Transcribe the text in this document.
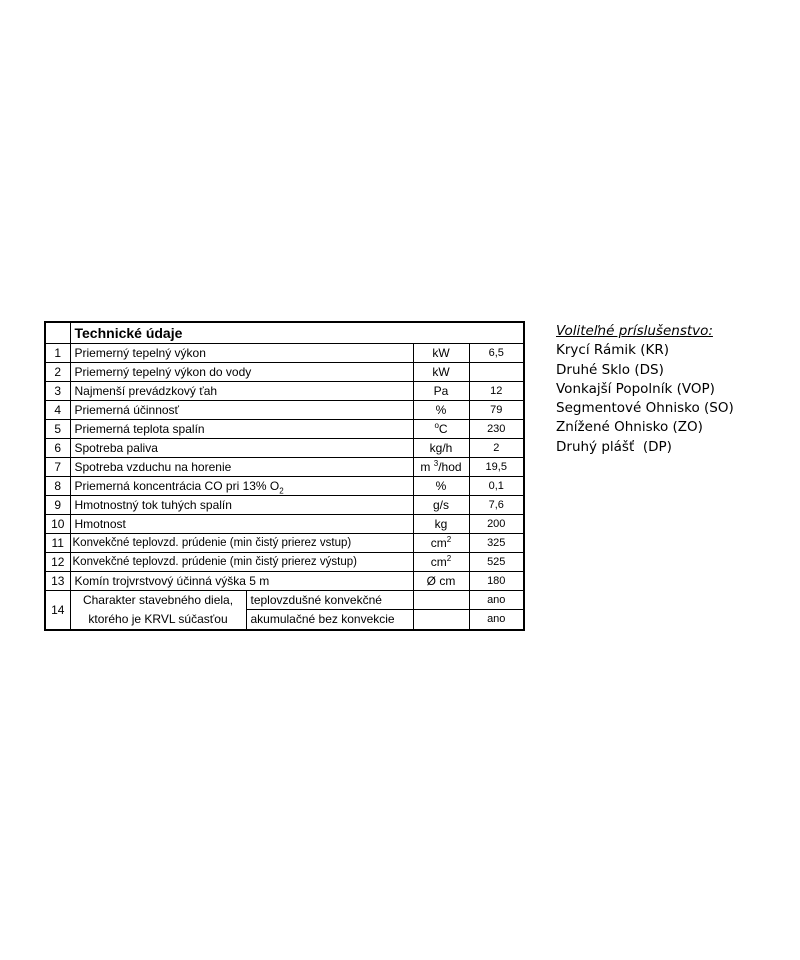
	Technické údaje			
1	Priemerný tepelný výkon		kW	6,5
2	Priemerný tepelný výkon do vody		kW	
3	Najmenší prevádzkový ťah		Pa	12
4	Priemerná účinnosť		%	79
5	Priemerná teplota spalín		$^o$C	230
6	Spotreba paliva		kg/h	2
7	Spotreba vzduchu na horenie		m $^3$/hod	19,5
8	Priemerná koncentrácia CO pri 13% $O_2$		%	0,1
9	Hmotnostný tok tuhých spalín		g/s	7,6
10	Hmotnost		kg	200
11	Konvekčné teplovzd. prúdenie (min čistý prierez vstup)		$cm^2$	325
12	Konvekčné teplovzd. prúdenie (min čistý prierez výstup)		$cm^2$	525
13	Komín trojvrstvový účinná výška 5 m		Ø cm	180
14	Charakter stavebného diela,
ktorého je KRVL súčasťou	teplovzdušné konvekčné		ano
		akumulačné bez konvekcie		ano
Voliteľné príslušenstvo:
Krycí Rámik (KR)
Druhé Sklo (DS)
Vonkajší Popolník (VOP)
Segmentové Ohnisko (SO)
Znížené Ohnisko (ZO)
Druhý plášť  (DP)
